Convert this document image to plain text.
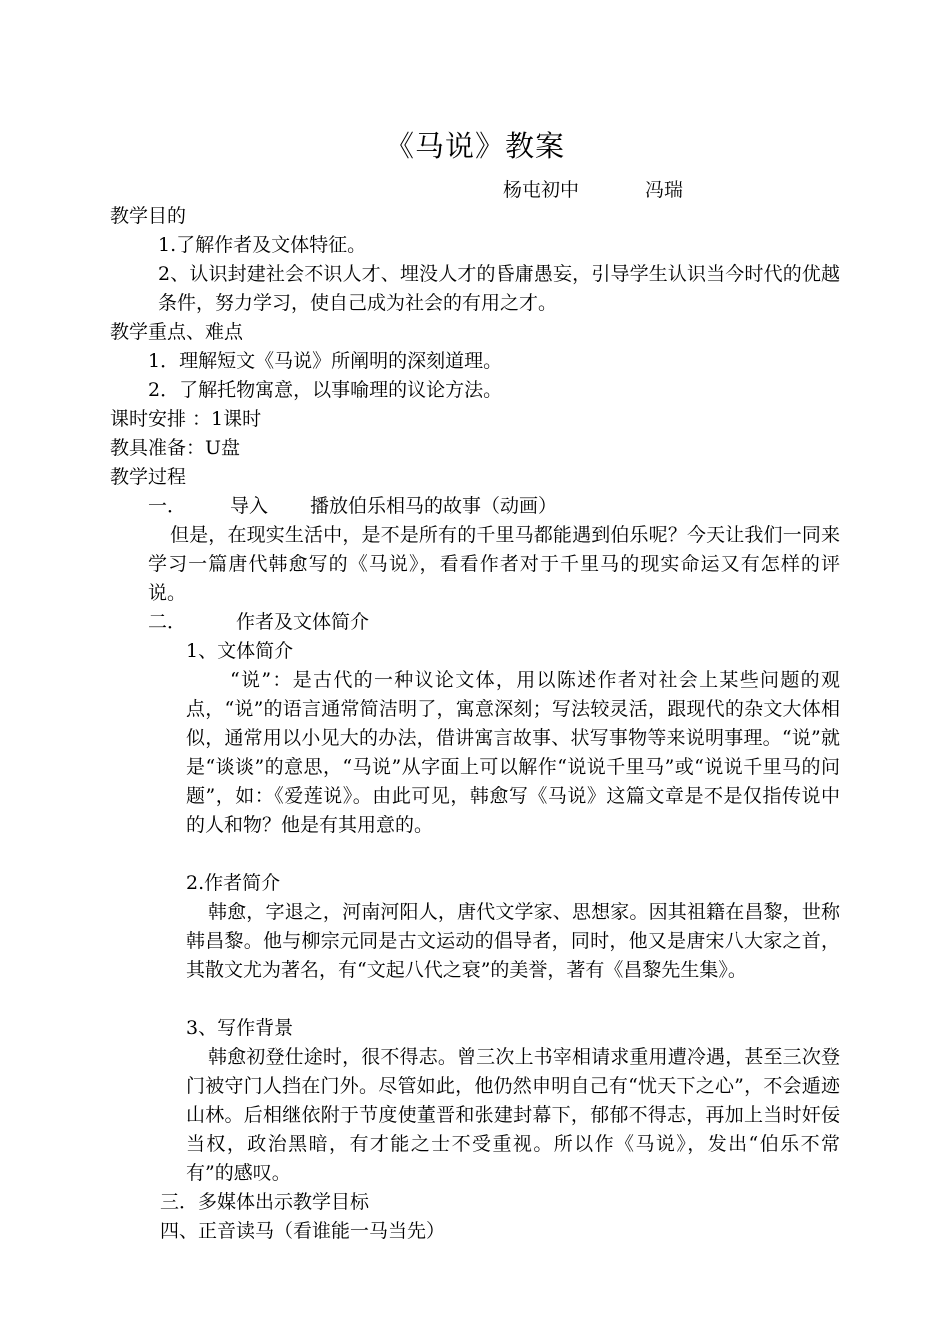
《马说》教案
杨屯初中	冯瑞
教学目的
1.了解作者及文体特征。
2、认识封建社会不识人才、埋没人才的昏庸愚妄，引导学生认识当今时代的优越条件，努力学习，使自己成为社会的有用之才。
教学重点、难点
1．理解短文《马说》所阐明的深刻道理。
2．了解托物寓意，以事喻理的议论方法。
课时安排 ：1课时
教具准备：U盘
教学过程
一． 导入 播放伯乐相马的故事（动画）
但是，在现实生活中，是不是所有的千里马都能遇到伯乐呢？今天让我们一同来学习一篇唐代韩愈写的《马说》，看看作者对于千里马的现实命运又有怎样的评说。
二．	作者及文体简介
1、文体简介
“说”：是古代的一种议论文体，用以陈述作者对社会上某些问题的观点，“说”的语言通常简洁明了，寓意深刻；写法较灵活，跟现代的杂文大体相似，通常用以小见大的办法，借讲寓言故事、状写事物等来说明事理。“说”就是“谈谈”的意思，“马说”从字面上可以解作“说说千里马”或“说说千里马的问题”，如：《爱莲说》。由此可见，韩愈写《马说》这篇文章是不是仅指传说中的人和物？他是有其用意的。
2.作者简介
韩愈，字退之，河南河阳人，唐代文学家、思想家。因其祖籍在昌黎，世称韩昌黎。他与柳宗元同是古文运动的倡导者，同时，他又是唐宋八大家之首，其散文尤为著名，有“文起八代之衰”的美誉，著有《昌黎先生集》。
3、写作背景
韩愈初登仕途时，很不得志。曾三次上书宰相请求重用遭冷遇，甚至三次登门被守门人挡在门外。尽管如此，他仍然申明自己有“忧天下之心”，不会遁迹山林。后相继依附于节度使董晋和张建封幕下，郁郁不得志，再加上当时奸佞当权，政治黑暗，有才能之士不受重视。所以作《马说》，发出“伯乐不常有”的感叹。
三．多媒体出示教学目标
四、正音读马（看谁能一马当先）
